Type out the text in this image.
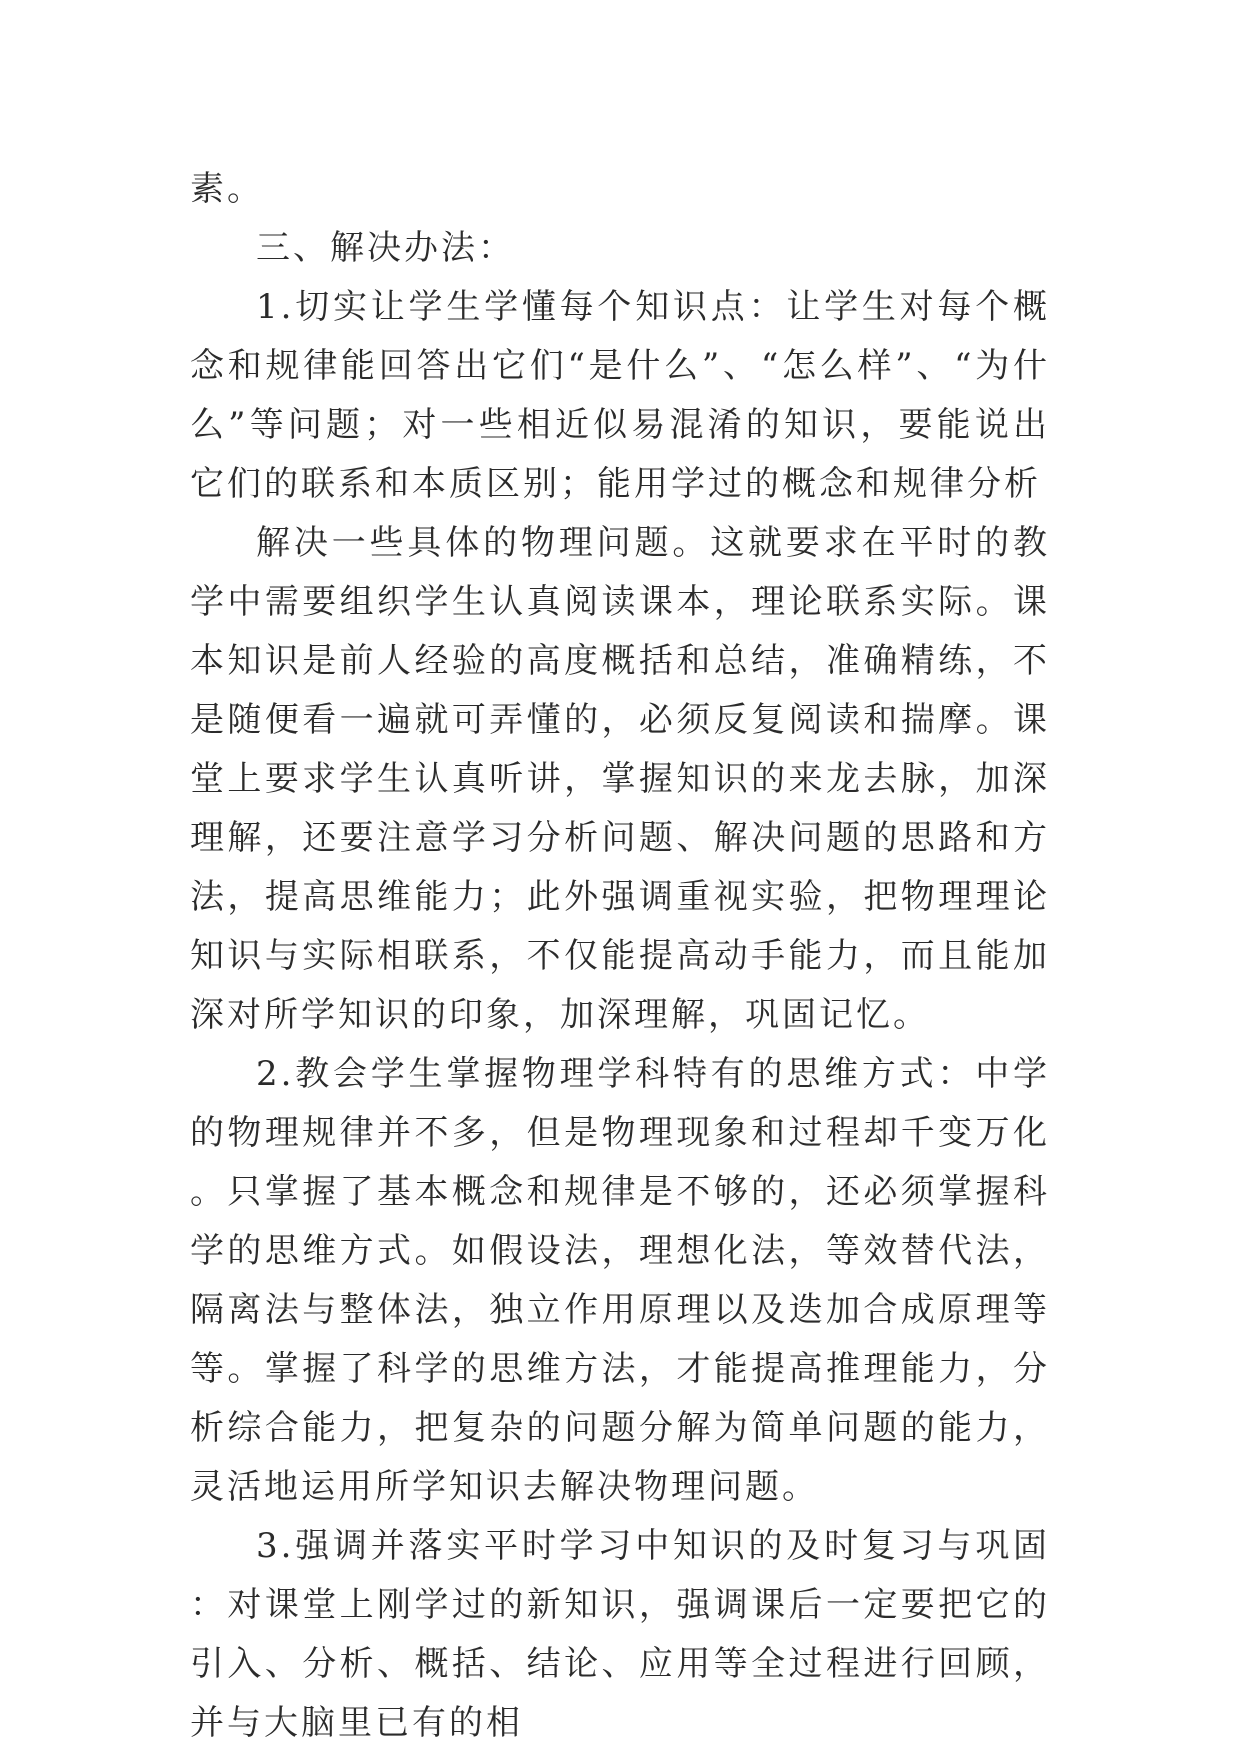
素。

三、解决办法：

1.切实让学生学懂每个知识点：让学生对每个概念和规律能回答出它们“是什么”、“怎么样”、“为什么”等问题；对一些相近似易混淆的知识，要能说出它们的联系和本质区别；能用学过的概念和规律分析

解决一些具体的物理问题。这就要求在平时的教学中需要组织学生认真阅读课本，理论联系实际。课本知识是前人经验的高度概括和总结，准确精练，不是随便看一遍就可弄懂的，必须反复阅读和揣摩。课堂上要求学生认真听讲，掌握知识的来龙去脉，加深理解，还要注意学习分析问题、解决问题的思路和方法，提高思维能力；此外强调重视实验，把物理理论知识与实际相联系，不仅能提高动手能力，而且能加深对所学知识的印象，加深理解，巩固记忆。

2.教会学生掌握物理学科特有的思维方式：中学的物理规律并不多，但是物理现象和过程却千变万化。只掌握了基本概念和规律是不够的，还必须掌握科学的思维方式。如假设法，理想化法，等效替代法，隔离法与整体法，独立作用原理以及迭加合成原理等等。掌握了科学的思维方法，才能提高推理能力，分析综合能力，把复杂的问题分解为简单问题的能力，灵活地运用所学知识去解决物理问题。

3.强调并落实平时学习中知识的及时复习与巩固：对课堂上刚学过的新知识，强调课后一定要把它的引入、分析、概括、结论、应用等全过程进行回顾，并与大脑里已有的相
